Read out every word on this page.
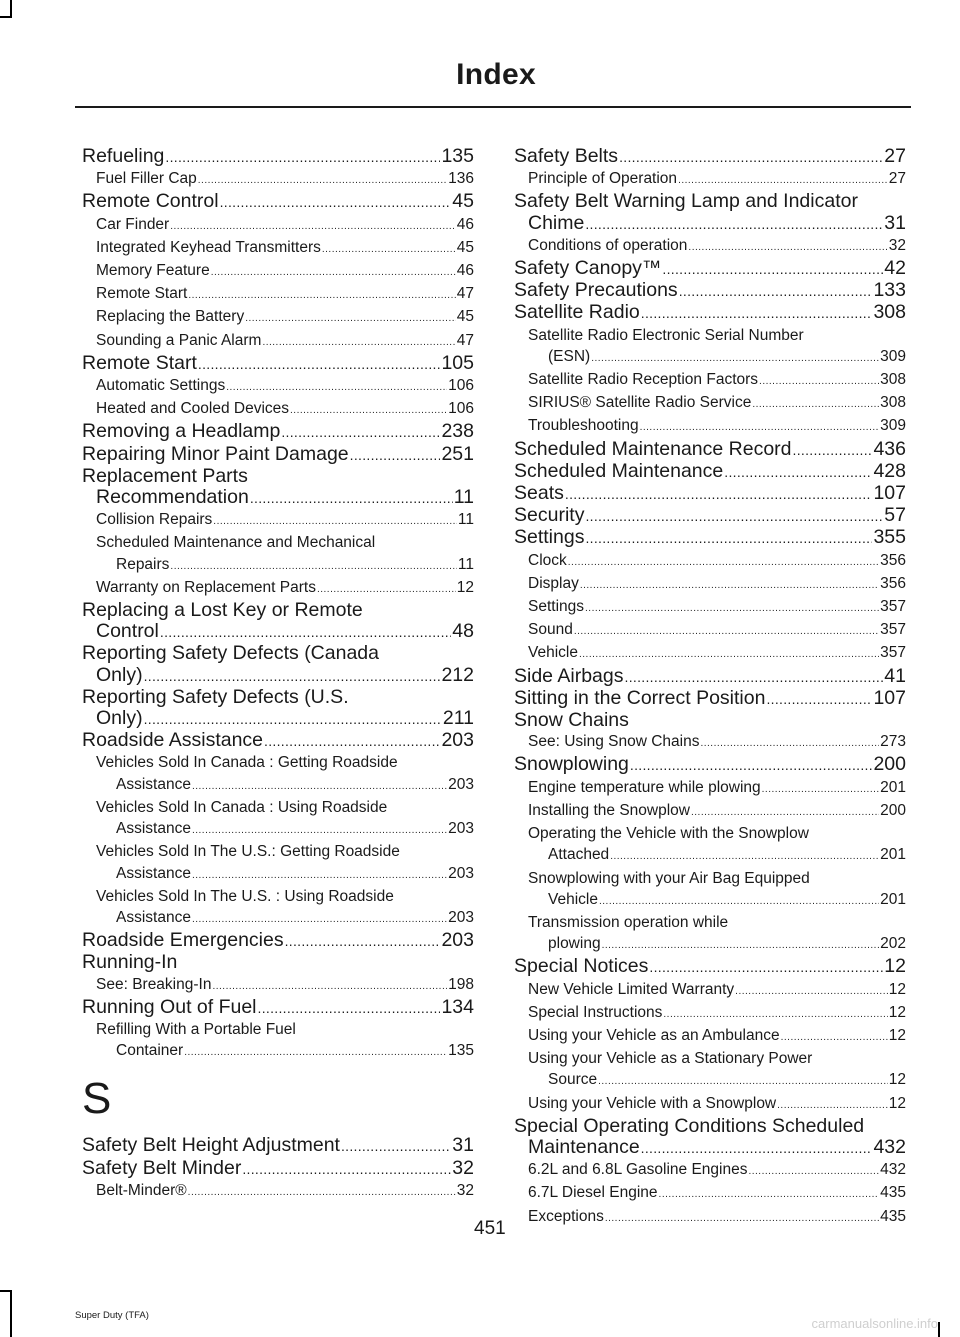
Index
Refueling .....	135
Fuel Filler Cap .....	136
Remote Control .....	45
Car Finder .....	46
Integrated Keyhead Transmitters .....	45
Memory Feature .....	46
Remote Start .....	47
Replacing the Battery .....	45
Sounding a Panic Alarm .....	47
Remote Start .....	105
Automatic Settings .....	106
Heated and Cooled Devices .....	106
Removing a Headlamp .....	238
Repairing Minor Paint Damage .....	251
Replacement Parts
Recommendation .....	11
Collision Repairs .....	11
Scheduled Maintenance and Mechanical
Repairs .....	11
Warranty on Replacement Parts .....	12
Replacing a Lost Key or Remote
Control .....	48
Reporting Safety Defects (Canada
Only) .....	212
Reporting Safety Defects (U.S.
Only) .....	211
Roadside Assistance .....	203
Vehicles Sold In Canada : Getting Roadside
Assistance .....	203
Vehicles Sold In Canada : Using Roadside
Assistance .....	203
Vehicles Sold In The U.S.: Getting Roadside
Assistance .....	203
Vehicles Sold In The U.S. : Using Roadside
Assistance .....	203
Roadside Emergencies .....	203
Running-In
See: Breaking-In .....	198
Running Out of Fuel .....	134
Refilling With a Portable Fuel
Container .....	135
S
Safety Belt Height Adjustment .....	31
Safety Belt Minder .....	32
Belt-Minder® .....	32
Safety Belts .....	27
Principle of Operation .....	27
Safety Belt Warning Lamp and Indicator
Chime .....	31
Conditions of operation .....	32
Safety Canopy™ .....	42
Safety Precautions .....	133
Satellite Radio .....	308
Satellite Radio Electronic Serial Number
(ESN) .....	309
Satellite Radio Reception Factors .....	308
SIRIUS® Satellite Radio Service .....	308
Troubleshooting .....	309
Scheduled Maintenance Record .....	436
Scheduled Maintenance .....	428
Seats .....	107
Security .....	57
Settings .....	355
Clock .....	356
Display .....	356
Settings .....	357
Sound .....	357
Vehicle .....	357
Side Airbags .....	41
Sitting in the Correct Position .....	107
Snow Chains
See: Using Snow Chains .....	273
Snowplowing .....	200
Engine temperature while plowing .....	201
Installing the Snowplow .....	200
Operating the Vehicle with the Snowplow
Attached .....	201
Snowplowing with your Air Bag Equipped
Vehicle .....	201
Transmission operation while
plowing .....	202
Special Notices .....	12
New Vehicle Limited Warranty .....	12
Special Instructions .....	12
Using your Vehicle as an Ambulance .....	12
Using your Vehicle as a Stationary Power
Source .....	12
Using your Vehicle with a Snowplow .....	12
Special Operating Conditions Scheduled
Maintenance .....	432
6.2L and 6.8L Gasoline Engines .....	432
6.7L Diesel Engine .....	435
Exceptions .....	435
451
Super Duty (TFA)
carmanualsonline.info
